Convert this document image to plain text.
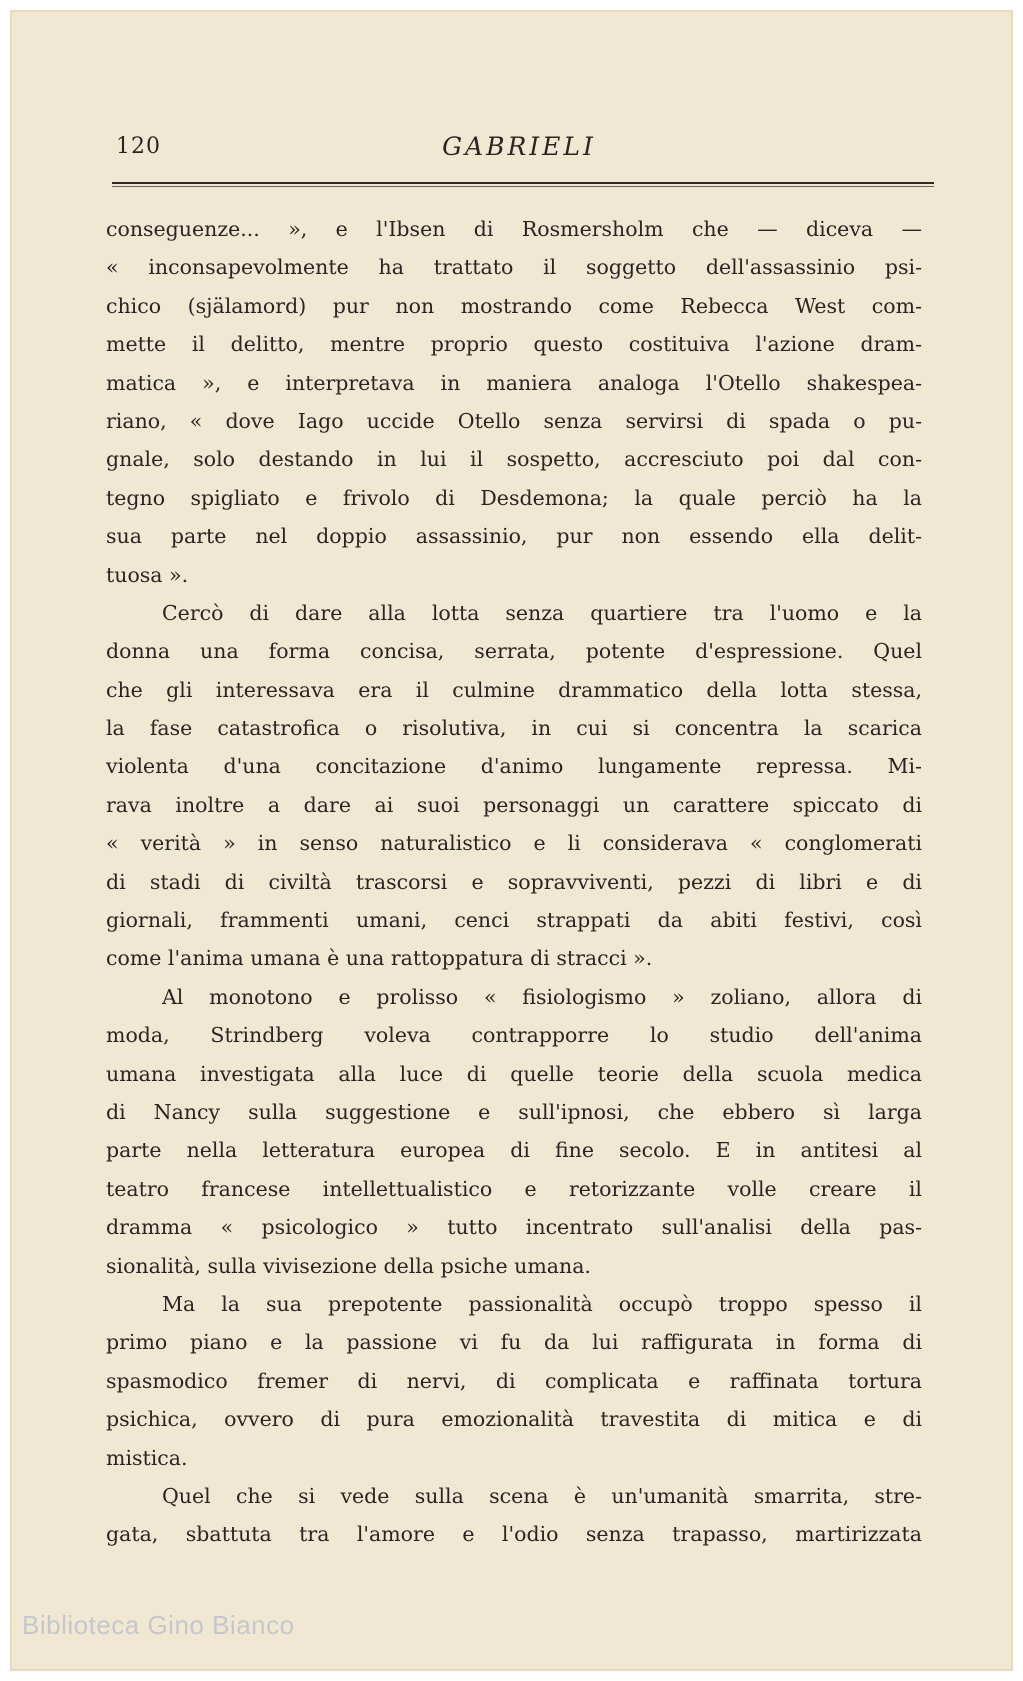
120	GABRIELI
conseguenze... », e l'Ibsen di Rosmersholm che — diceva —
« inconsapevolmente ha trattato il soggetto dell'assassinio psi-
chico (själamord) pur non mostrando come Rebecca West com-
mette il delitto, mentre proprio questo costituiva l'azione dram-
matica », e interpretava in maniera analoga l'Otello shakespea-
riano, « dove Iago uccide Otello senza servirsi di spada o pu-
gnale, solo destando in lui il sospetto, accresciuto poi dal con-
tegno spigliato e frivolo di Desdemona; la quale perciò ha la
sua parte nel doppio assassinio, pur non essendo ella delit-
tuosa ».
Cercò di dare alla lotta senza quartiere tra l'uomo e la
donna una forma concisa, serrata, potente d'espressione. Quel
che gli interessava era il culmine drammatico della lotta stessa,
la fase catastrofica o risolutiva, in cui si concentra la scarica
violenta d'una concitazione d'animo lungamente repressa. Mi-
rava inoltre a dare ai suoi personaggi un carattere spiccato di
« verità » in senso naturalistico e li considerava « conglomerati
di stadi di civiltà trascorsi e sopravviventi, pezzi di libri e di
giornali, frammenti umani, cenci strappati da abiti festivi, così
come l'anima umana è una rattoppatura di stracci ».
Al monotono e prolisso « fisiologismo » zoliano, allora di
moda, Strindberg voleva contrapporre lo studio dell'anima
umana investigata alla luce di quelle teorie della scuola medica
di Nancy sulla suggestione e sull'ipnosi, che ebbero sì larga
parte nella letteratura europea di fine secolo. E in antitesi al
teatro francese intellettualistico e retorizzante volle creare il
dramma « psicologico » tutto incentrato sull'analisi della pas-
sionalità, sulla vivisezione della psiche umana.
Ma la sua prepotente passionalità occupò troppo spesso il
primo piano e la passione vi fu da lui raffigurata in forma di
spasmodico fremer di nervi, di complicata e raffinata tortura
psichica, ovvero di pura emozionalità travestita di mitica e di
mistica.
Quel che si vede sulla scena è un'umanità smarrita, stre-
gata, sbattuta tra l'amore e l'odio senza trapasso, martirizzata
Biblioteca Gino Bianco
